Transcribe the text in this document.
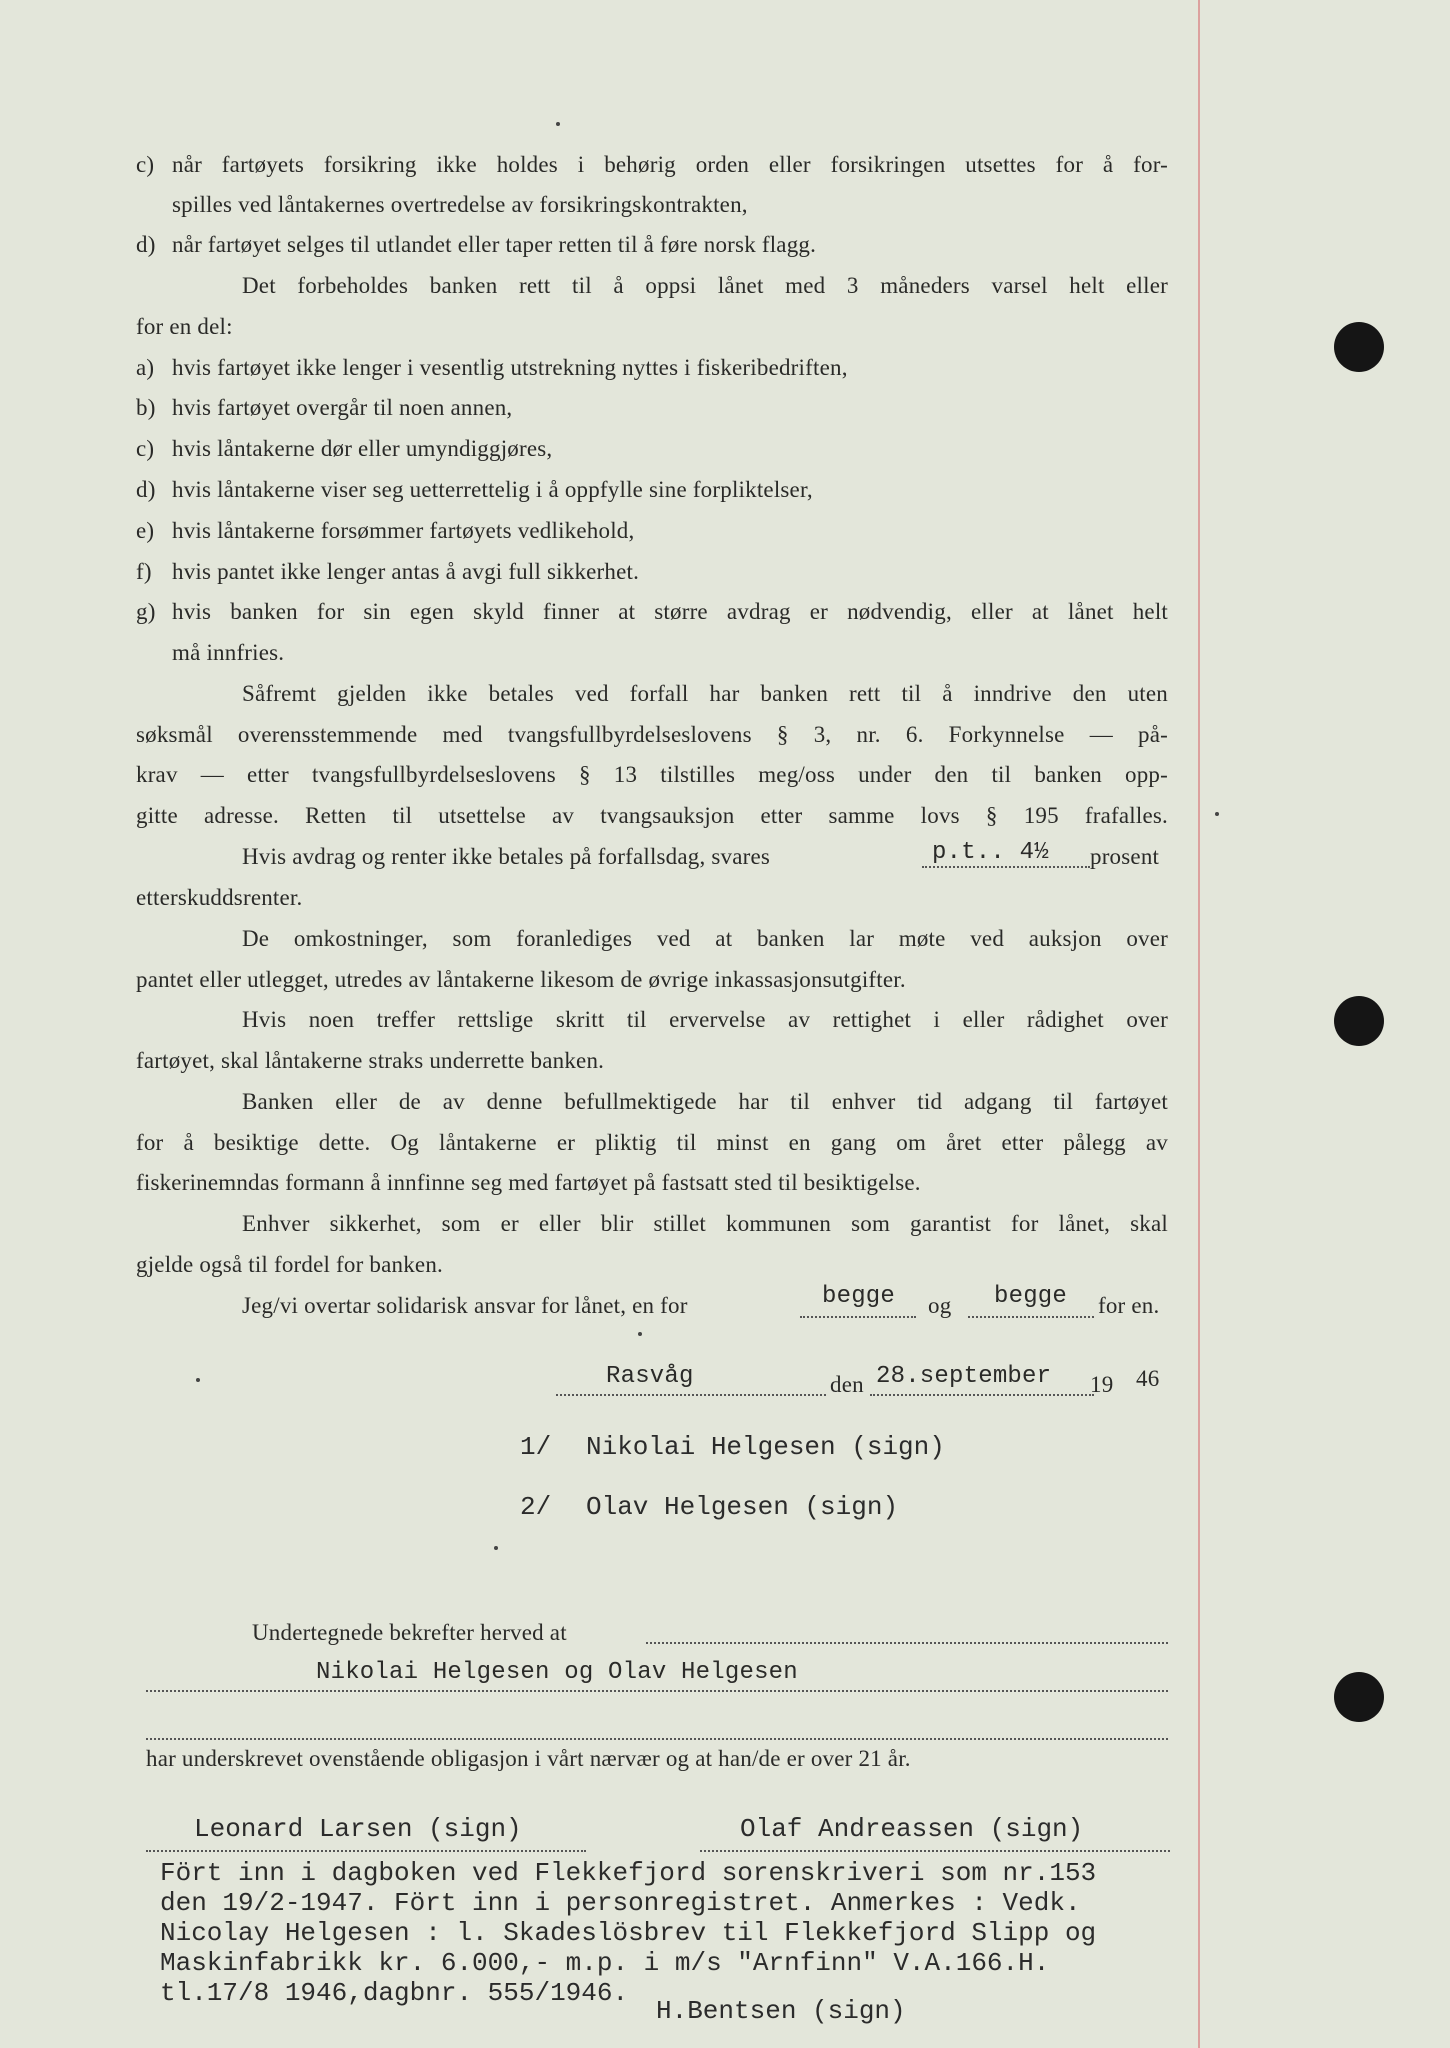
c) når fartøyets forsikring ikke holdes i behørig orden eller forsikringen utsettes for å for-
spilles ved låntakernes overtredelse av forsikringskontrakten,
d) når fartøyet selges til utlandet eller taper retten til å føre norsk flagg.
Det forbeholdes banken rett til å oppsi lånet med 3 måneders varsel helt eller
for en del:
a) hvis fartøyet ikke lenger i vesentlig utstrekning nyttes i fiskeribedriften,
b) hvis fartøyet overgår til noen annen,
c) hvis låntakerne dør eller umyndiggjøres,
d) hvis låntakerne viser seg uetterrettelig i å oppfylle sine forpliktelser,
e) hvis låntakerne forsømmer fartøyets vedlikehold,
f) hvis pantet ikke lenger antas å avgi full sikkerhet.
g) hvis banken for sin egen skyld finner at større avdrag er nødvendig, eller at lånet helt
må innfries.
Såfremt gjelden ikke betales ved forfall har banken rett til å inndrive den uten
søksmål overensstemmende med tvangsfullbyrdelseslovens § 3, nr. 6. Forkynnelse — på-
krav — etter tvangsfullbyrdelseslovens § 13 tilstilles meg/oss under den til banken opp-
gitte adresse. Retten til utsettelse av tvangsauksjon etter samme lovs § 195 frafalles.
Hvis avdrag og renter ikke betales på forfallsdag, svares	p.t.. 4½ prosent
etterskuddsrenter.
De omkostninger, som foranlediges ved at banken lar møte ved auksjon over
pantet eller utlegget, utredes av låntakerne likesom de øvrige inkassasjonsutgifter.
Hvis noen treffer rettslige skritt til ervervelse av rettighet i eller rådighet over
fartøyet, skal låntakerne straks underrette banken.
Banken eller de av denne befullmektigede har til enhver tid adgang til fartøyet
for å besiktige dette. Og låntakerne er pliktig til minst en gang om året etter pålegg av
fiskerinemndas formann å innfinne seg med fartøyet på fastsatt sted til besiktigelse.
Enhver sikkerhet, som er eller blir stillet kommunen som garantist for lånet, skal
gjelde også til fordel for banken.
Jeg/vi overtar solidarisk ansvar for lånet, en for	begge og begge for en.
Rasvåg	den 28.september 19 46
1/ Nikolai Helgesen (sign)
2/ Olav Helgesen (sign)
Undertegnede bekrefter herved at
Nikolai Helgesen og Olav Helgesen
har underskrevet ovenstående obligasjon i vårt nærvær og at han/de er over 21 år.
Leonard Larsen (sign)	Olaf Andreassen (sign)
Fört inn i dagboken ved Flekkefjord sorenskriveri som nr.153
den 19/2-1947. Fört inn i personregistret. Anmerkes : Vedk.
Nicolay Helgesen : l. Skadeslösbrev til Flekkefjord Slipp og
Maskinfabrikk kr. 6.000,- m.p. i m/s "Arnfinn" V.A.166.H.
tl.17/8 1946,dagbnr. 555/1946.
H.Bentsen (sign)
